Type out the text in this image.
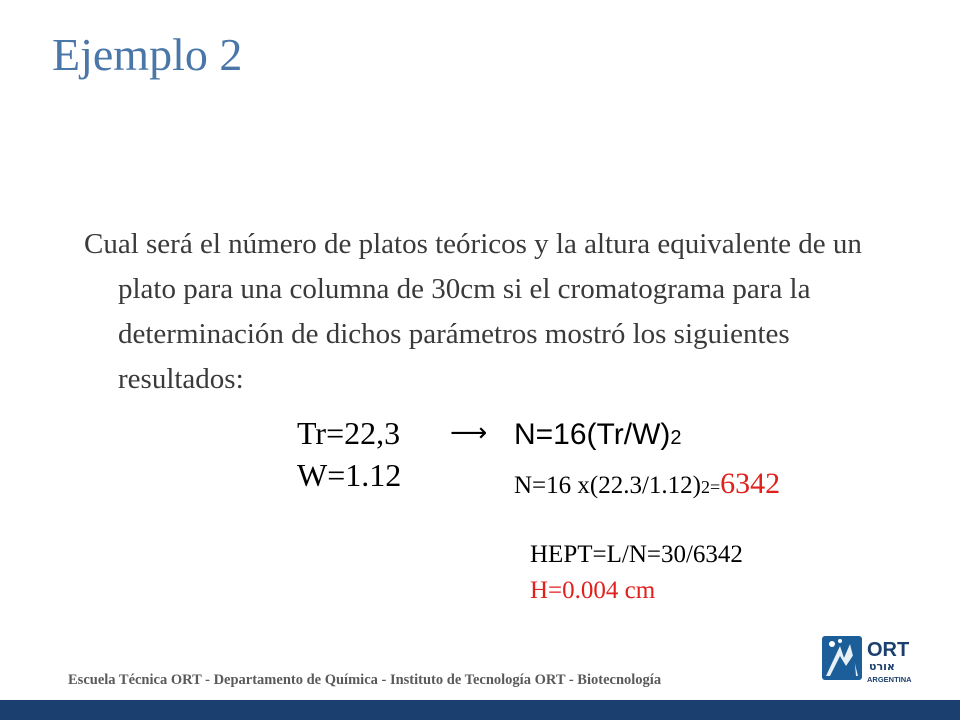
Ejemplo 2
Cual será el número de platos teóricos y la altura equivalente de un plato para una columna de 30cm si el cromatograma para la determinación de dichos parámetros mostró los siguientes resultados:
Tr=22,3
W=1.12
⟶ N=16(Tr/W)2
N=16 x(22.3/1.12)2=6342
HEPT=L/N=30/6342
H=0.004 cm
Escuela Técnica ORT - Departamento de Química - Instituto de Tecnología ORT - Biotecnología
ORT
אורט
ARGENTINA
